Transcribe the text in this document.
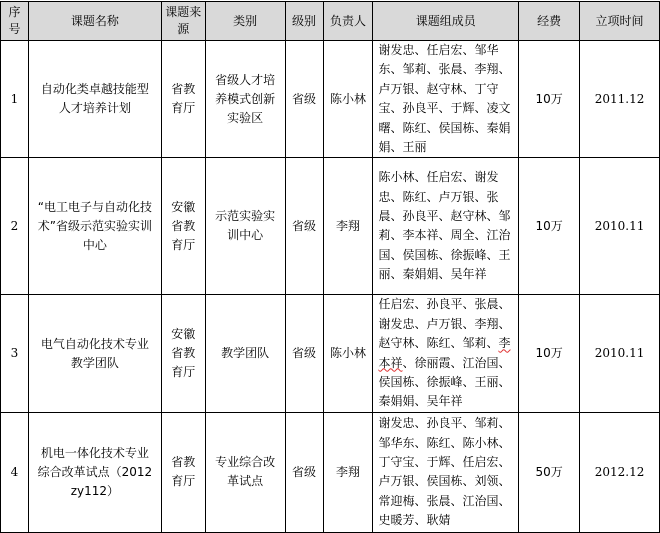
序号	课题名称	课题来源	类别	级别	负责人	课题组成员	经费	立项时间
1	自动化类卓越技能型人才培养计划	省教育厅	省级人才培养模式创新实验区	省级	陈小林	谢发忠、任启宏、邹华东、邹莉、张晨、李翔、卢万银、赵守林、丁守宝、孙良平、于辉、凌文曙、陈红、侯国栋、秦娟娟、王丽	10万	2011.12
2	“电工电子与自动化技术”省级示范实验实训中心	安徽省教育厅	示范实验实训中心	省级	李翔	陈小林、任启宏、谢发忠、陈红、卢万银、张晨、孙良平、赵守林、邹莉、李本祥、周全、江治国、侯国栋、徐振峰、王丽、秦娟娟、吴年祥	10万	2010.11
3	电气自动化技术专业教学团队	安徽省教育厅	教学团队	省级	陈小林	任启宏、孙良平、张晨、谢发忠、卢万银、李翔、赵守林、陈红、邹莉、李本祥、徐丽霞、江治国、侯国栋、徐振峰、王丽、秦娟娟、吴年祥	10万	2010.11
4	机电一体化技术专业综合改革试点（2012zy112）	省教育厅	专业综合改革试点	省级	李翔	谢发忠、孙良平、邹莉、邹华东、陈红、陈小林、丁守宝、于辉、任启宏、卢万银、侯国栋、刘领、常迎梅、张晨、江治国、史暖芳、耿婧	50万	2012.12
